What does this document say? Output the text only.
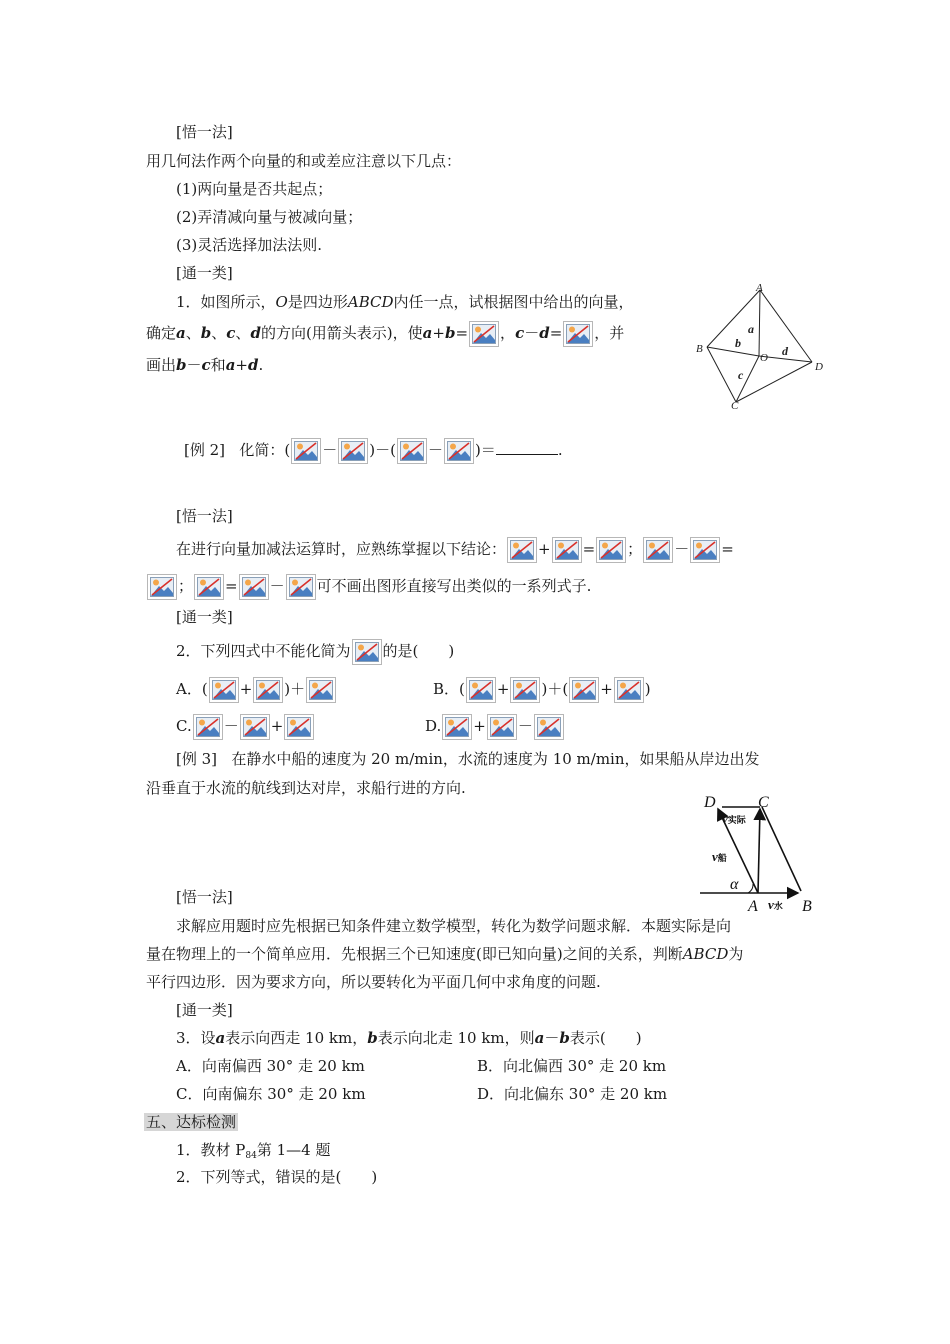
[悟一法]
用几何法作两个向量的和或差应注意以下几点：
(1)两向量是否共起点；
(2)弄清减向量与被减向量；
(3)灵活选择加法法则.
[通一类]
1．如图所示，O是四边形ABCD内任一点，试根据图中给出的向量，
确定a、b、c、d的方向(用箭头表示)，使a+b= ，c－d= ，并
画出b－c和a+d.
A
B
C
D
O
a
b
c
d
[例 2] 化简：( － )－( － )＝	.
[悟一法]
在进行向量加减法运算时，应熟练掌握以下结论： + = ； － =
； = － 可不画出图形直接写出类似的一系列式子.
[通一类]
2．下列四式中不能化简为 的是(　　)
A．( + )＋	B．( + )＋( + )
C. － +	D. + －
[例 3] 在静水中船的速度为 20 m/min，水流的速度为 10 m/min，如果船从岸边出发
沿垂直于水流的航线到达对岸，求船行进的方向.
D	C
A	B
α
v实际
v船
v水
[悟一法]
求解应用题时应先根据已知条件建立数学模型，转化为数学问题求解．本题实际是向
量在物理上的一个简单应用．先根据三个已知速度(即已知向量)之间的关系，判断ABCD为
平行四边形．因为要求方向，所以要转化为平面几何中求角度的问题.
[通一类]
3．设a表示向西走 10 km，b表示向北走 10 km，则a－b表示(　　)
A．向南偏西 30° 走 20 km	B．向北偏西 30° 走 20 km
C．向南偏东 30° 走 20 km	D．向北偏东 30° 走 20 km
五、达标检测
1．教材 $P_{84}$第 1—4 题
2．下列等式，错误的是(　　)
